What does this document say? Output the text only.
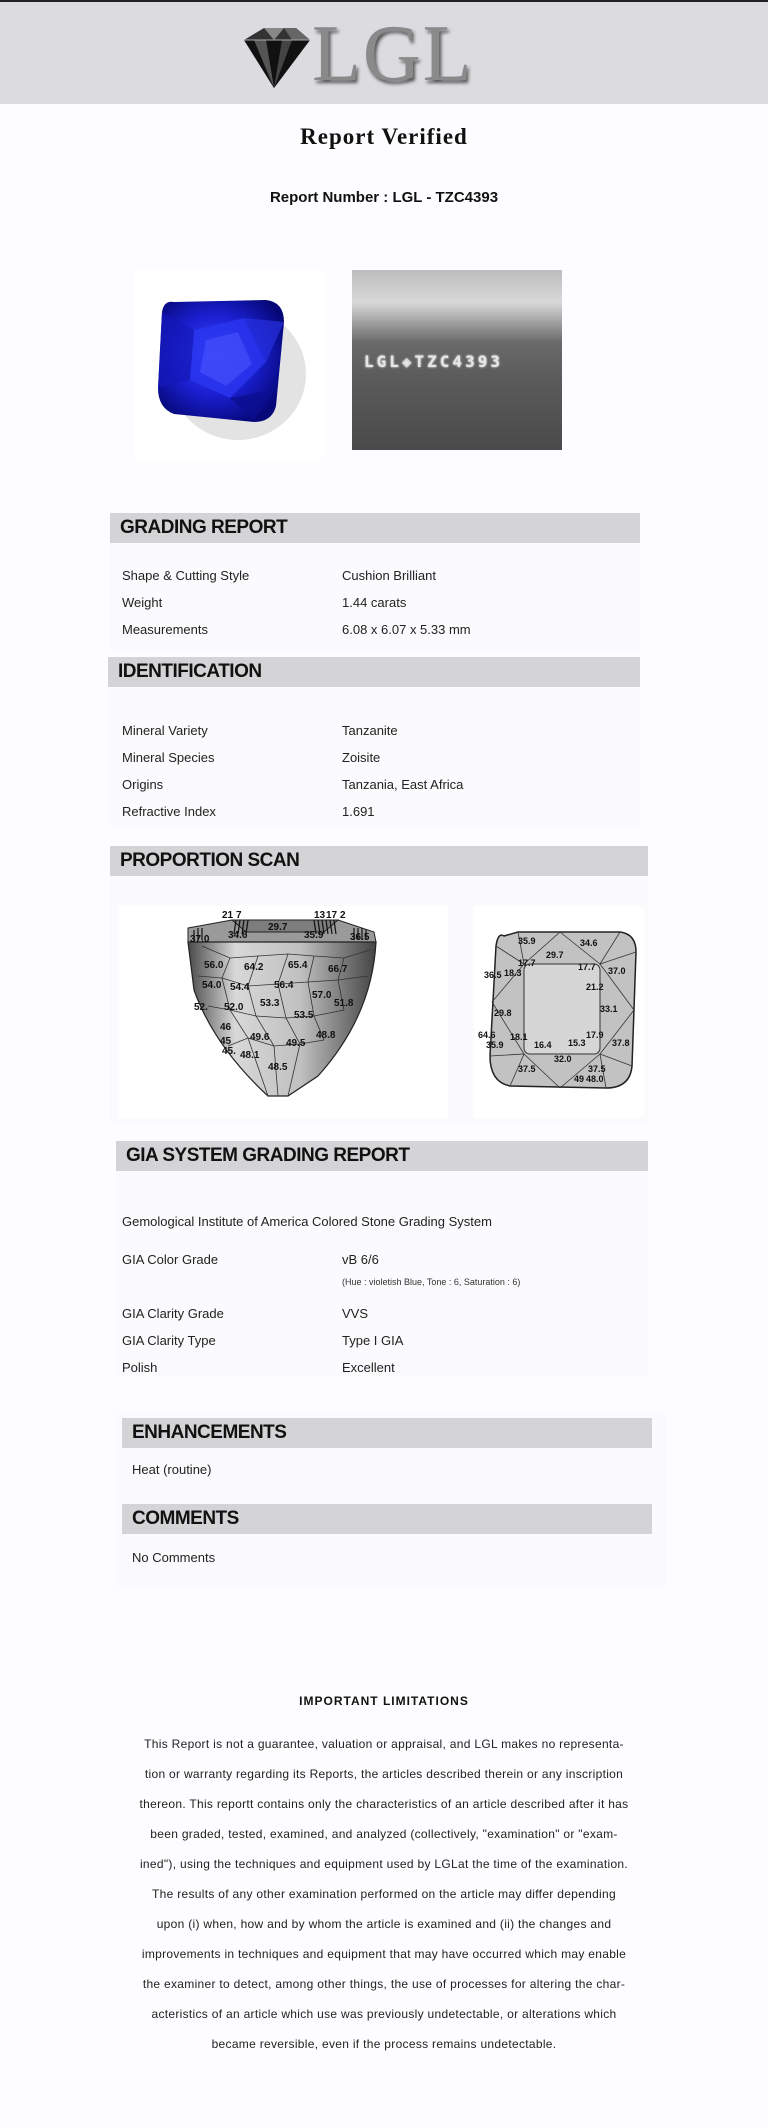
LGL
Report Verified
Report Number : LGL - TZC4393
LGL◈TZC4393
GRADING REPORT
Shape & Cutting Style	Cushion Brilliant
Weight	1.44 carats
Measurements	6.08 x 6.07 x 5.33 mm
IDENTIFICATION
Mineral Variety	Tanzanite
Mineral Species	Zoisite
Origins	Tanzania, East Africa
Refractive Index	1.691
PROPORTION SCAN
21 7	13 17 2
29.7
34.6	35.9
37.0	36.5
56.0 64.2 65.4 66.7
54.0 54.4 56.4
57.0
52.0 53.3
53.5
51.8
52.
49.6
49.5
48.8
45. 48.1
48.5
46
45
35.9
29.7
34.6
17.7	17.7 37.0
36.5 18.3
21.2
33.1
29.8
64.6
35.9
18.1
16.4 15.3
17.9
37.8
37.5
32.0
37.5
49 48.0
GIA SYSTEM GRADING REPORT
Gemological Institute of America Colored Stone Grading System
GIA Color Grade	vB 6/6
(Hue : violetish Blue, Tone : 6, Saturation : 6)
GIA Clarity Grade	VVS
GIA Clarity Type	Type I GIA
Polish	Excellent
ENHANCEMENTS
Heat (routine)
COMMENTS
No Comments
IMPORTANT LIMITATIONS
This Report is not a guarantee, valuation or appraisal, and LGL makes no representa-
tion or warranty regarding its Reports, the articles described therein or any inscription
thereon. This reportt contains only the characteristics of an article described after it has
been graded, tested, examined, and analyzed (collectively, "examination" or "exam-
ined"), using the techniques and equipment used by LGLat the time of the examination.
The results of any other examination performed on the article may differ depending
upon (i) when, how and by whom the article is examined and (ii) the changes and
improvements in techniques and equipment that may have occurred which may enable
the examiner to detect, among other things, the use of processes for altering the char-
acteristics of an article which use was previously undetectable, or alterations which
became reversible, even if the process remains undetectable.
